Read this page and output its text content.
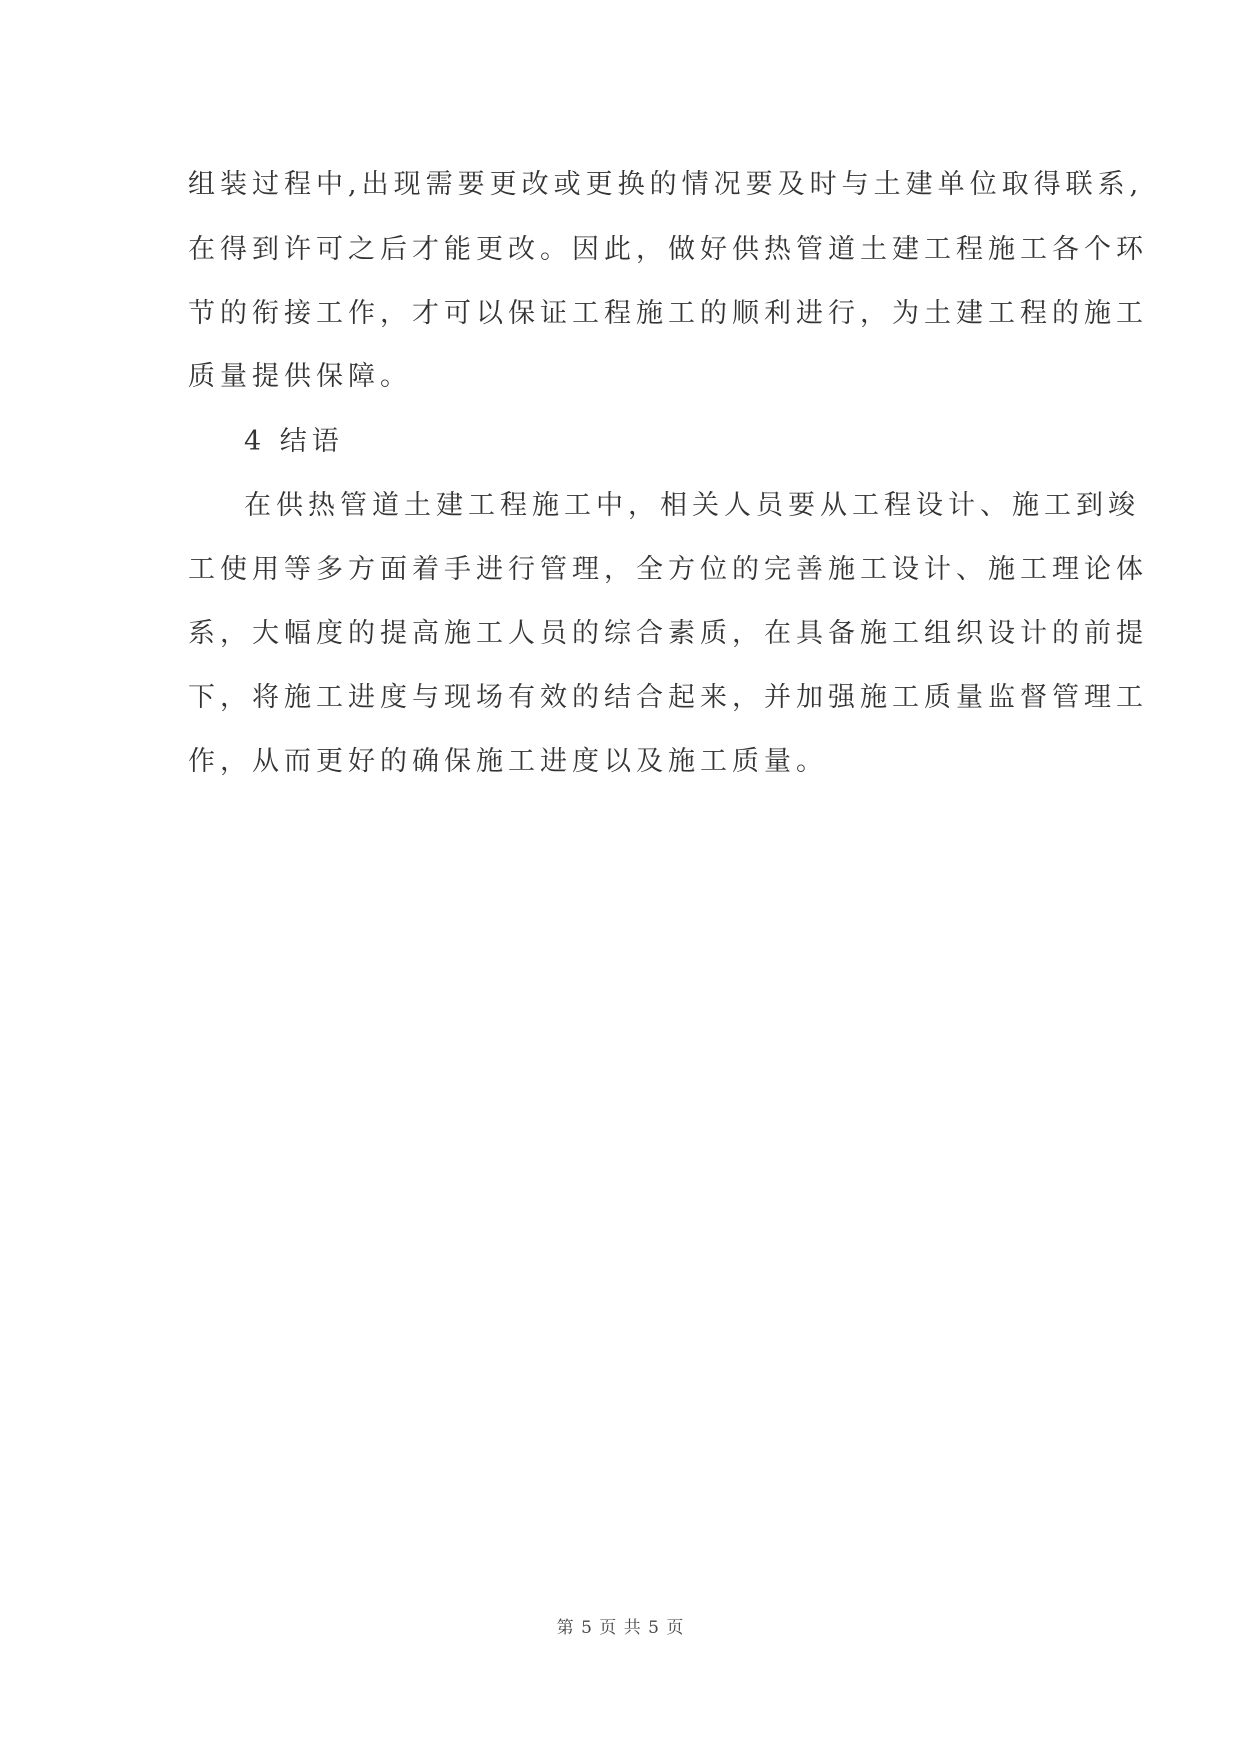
组装过程中,出现需要更改或更换的情况要及时与土建单位取得联系,
在得到许可之后才能更改。因此，做好供热管道土建工程施工各个环
节的衔接工作，才可以保证工程施工的顺利进行，为土建工程的施工
质量提供保障。
4 结语
在供热管道土建工程施工中，相关人员要从工程设计、施工到竣
工使用等多方面着手进行管理，全方位的完善施工设计、施工理论体
系，大幅度的提高施工人员的综合素质，在具备施工组织设计的前提
下，将施工进度与现场有效的结合起来，并加强施工质量监督管理工
作，从而更好的确保施工进度以及施工质量。
第 5 页 共 5 页
